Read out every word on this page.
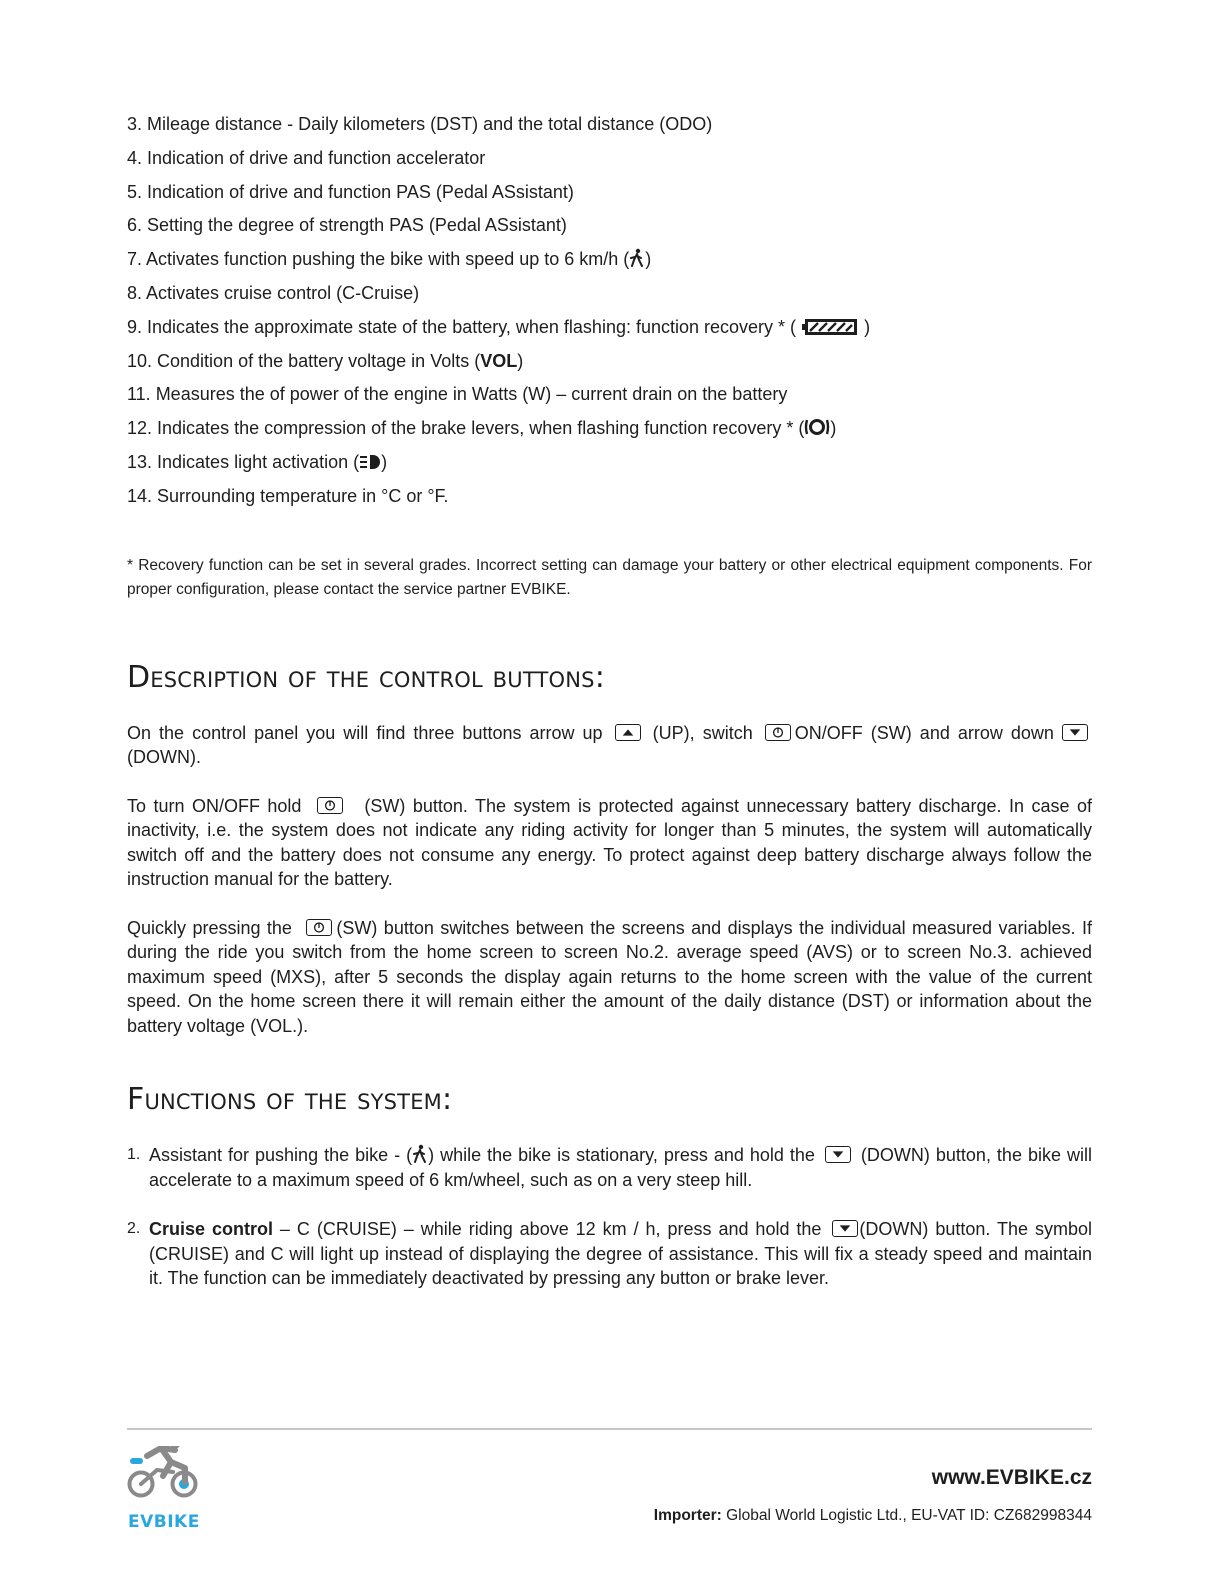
3. Mileage distance - Daily kilometers (DST) and the total distance (ODO)
4. Indication of drive and function accelerator
5. Indication of drive and function PAS (Pedal ASsistant)
6. Setting the degree of strength PAS (Pedal ASsistant)
7. Activates function pushing the bike with speed up to 6 km/h ( )
8. Activates cruise control (C-Cruise)
9. Indicates the approximate state of the battery, when flashing: function recovery * (	)
10. Condition of the battery voltage in Volts (VOL)
11. Measures the of power of the engine in Watts (W) – current drain on the battery
12. Indicates the compression of the brake levers, when flashing function recovery * ( )
13. Indicates light activation ( )
14. Surrounding temperature in °C or °F.

* Recovery function can be set in several grades. Incorrect setting can damage your battery or other electrical equipment components. For proper configuration, please contact the service partner EVBIKE.

Description of the control buttons:

On the control panel you will find three buttons arrow up	(UP), switch ON/OFF (SW) and arrow down
(DOWN).

To turn ON/OFF hold	(SW) button. The system is protected against unnecessary battery discharge. In case of inactivity, i.e. the system does not indicate any riding activity for longer than 5 minutes, the system will automatically switch off and the battery does not consume any energy. To protect against deep battery discharge always follow the instruction manual for the battery.

Quickly pressing the (SW) button switches between the screens and displays the individual measured variables. If during the ride you switch from the home screen to screen No.2. average speed (AVS) or to screen No.3. achieved maximum speed (MXS), after 5 seconds the display again returns to the home screen with the value of the current speed. On the home screen there it will remain either the amount of the daily distance (DST) or information about the battery voltage (VOL.).

Functions of the system:
1. Assistant for pushing the bike - ( ) while the bike is stationary, press and hold the	(DOWN) button, the bike will accelerate to a maximum speed of 6 km/wheel, such as on a very steep hill.
2. Cruise control – C (CRUISE) – while riding above 12 km / h, press and hold the (DOWN) button. The symbol (CRUISE) and C will light up instead of displaying the degree of assistance. This will fix a steady speed and maintain it. The function can be immediately deactivated by pressing any button or brake lever.
EVBIKE
www.EVBIKE.cz
Importer: Global World Logistic Ltd., EU-VAT ID: CZ682998344
